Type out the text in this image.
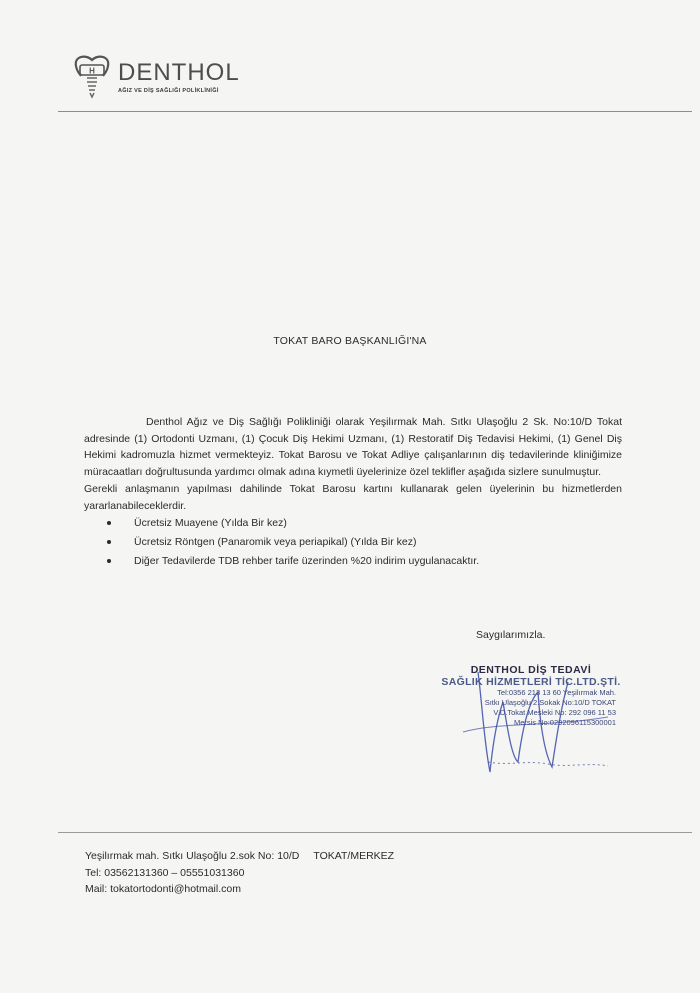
H DENTHOL
AĞIZ VE DİŞ SAĞLIĞI POLİKLİNİĞİ
TOKAT BARO BAŞKANLIĞI'NA

Denthol Ağız ve Diş Sağlığı Polikliniği olarak Yeşilırmak Mah. Sıtkı Ulaşoğlu 2 Sk. No:10/D Tokat adresinde (1) Ortodonti Uzmanı, (1) Çocuk Diş Hekimi Uzmanı, (1) Restoratif Diş Tedavisi Hekimi, (1) Genel Diş Hekimi kadromuzla hizmet vermekteyiz. Tokat Barosu ve Tokat Adliye çalışanlarının diş tedavilerinde kliniğimize müracaatları doğrultusunda yardımcı olmak adına kıymetli üyelerinize özel teklifler aşağıda sizlere sunulmuştur.

Gerekli anlaşmanın yapılması dahilinde Tokat Barosu kartını kullanarak gelen üyelerinin bu hizmetlerden yararlanabileceklerdir.

Ücretsiz Muayene (Yılda Bir kez)
Ücretsiz Röntgen (Panaromik veya periapikal) (Yılda Bir kez)
Diğer Tedavilerde TDB rehber tarife üzerinden %20 indirim uygulanacaktır.
Saygılarımızla.
DENTHOL DİŞ TEDAVİ
SAĞLIK HİZMETLERİ TİC.LTD.ŞTİ.
Tel:0356 213 13 60 Yeşilırmak Mah.
Sıtkı Ulaşoğlu 2.Sokak No:10/D TOKAT
V.D.Tokat Mesleki No: 292 096 11 53
Mersis No:0292096115300001
Yeşilırmak mah. Sıtkı Ulaşoğlu 2.sok No: 10/D TOKAT/MERKEZ
Tel: 03562131360 – 05551031360
Mail: tokatortodonti@hotmail.com
